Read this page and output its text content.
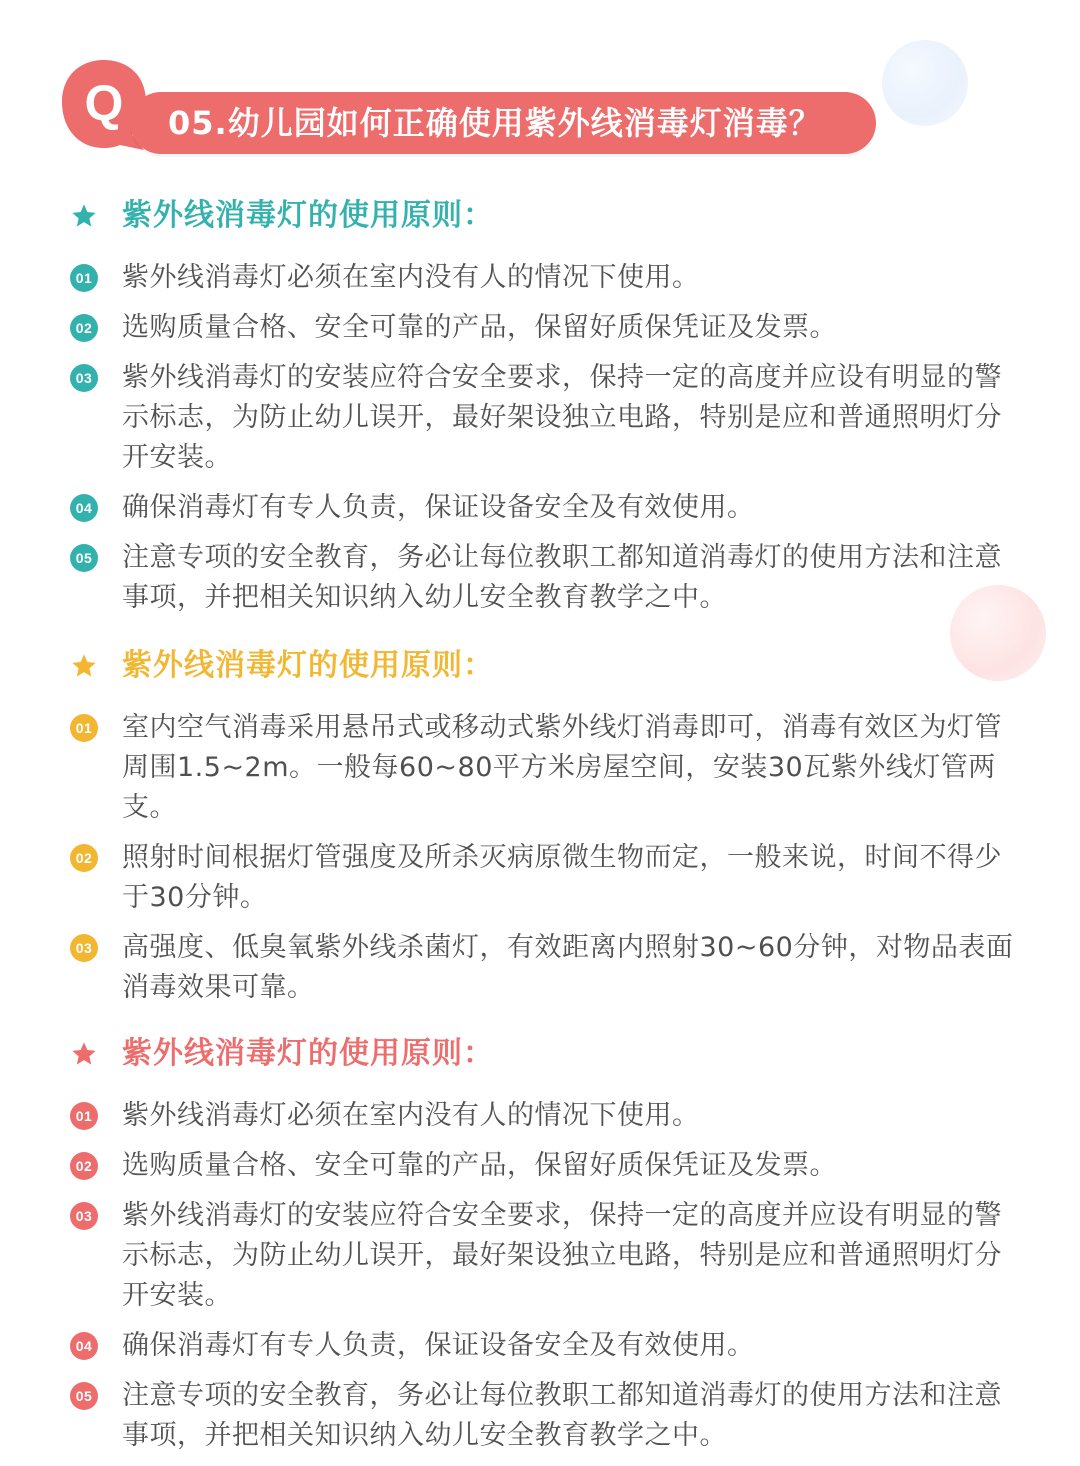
Q 05.幼儿园如何正确使用紫外线消毒灯消毒？
紫外线消毒灯的使用原则：
01 紫外线消毒灯必须在室内没有人的情况下使用。
02 选购质量合格、安全可靠的产品，保留好质保凭证及发票。
03 紫外线消毒灯的安装应符合安全要求，保持一定的高度并应设有明显的警示标志，为防止幼儿误开，最好架设独立电路，特别是应和普通照明灯分开安装。
04 确保消毒灯有专人负责，保证设备安全及有效使用。
05 注意专项的安全教育，务必让每位教职工都知道消毒灯的使用方法和注意事项，并把相关知识纳入幼儿安全教育教学之中。
紫外线消毒灯的使用原则：
01 室内空气消毒采用悬吊式或移动式紫外线灯消毒即可，消毒有效区为灯管周围1.5~2m。一般每60~80平方米房屋空间，安装30瓦紫外线灯管两支。
02 照射时间根据灯管强度及所杀灭病原微生物而定，一般来说，时间不得少于30分钟。
03 高强度、低臭氧紫外线杀菌灯，有效距离内照射30~60分钟，对物品表面消毒效果可靠。
紫外线消毒灯的使用原则：
01 紫外线消毒灯必须在室内没有人的情况下使用。
02 选购质量合格、安全可靠的产品，保留好质保凭证及发票。
03 紫外线消毒灯的安装应符合安全要求，保持一定的高度并应设有明显的警示标志，为防止幼儿误开，最好架设独立电路，特别是应和普通照明灯分开安装。
04 确保消毒灯有专人负责，保证设备安全及有效使用。
05 注意专项的安全教育，务必让每位教职工都知道消毒灯的使用方法和注意事项，并把相关知识纳入幼儿安全教育教学之中。
